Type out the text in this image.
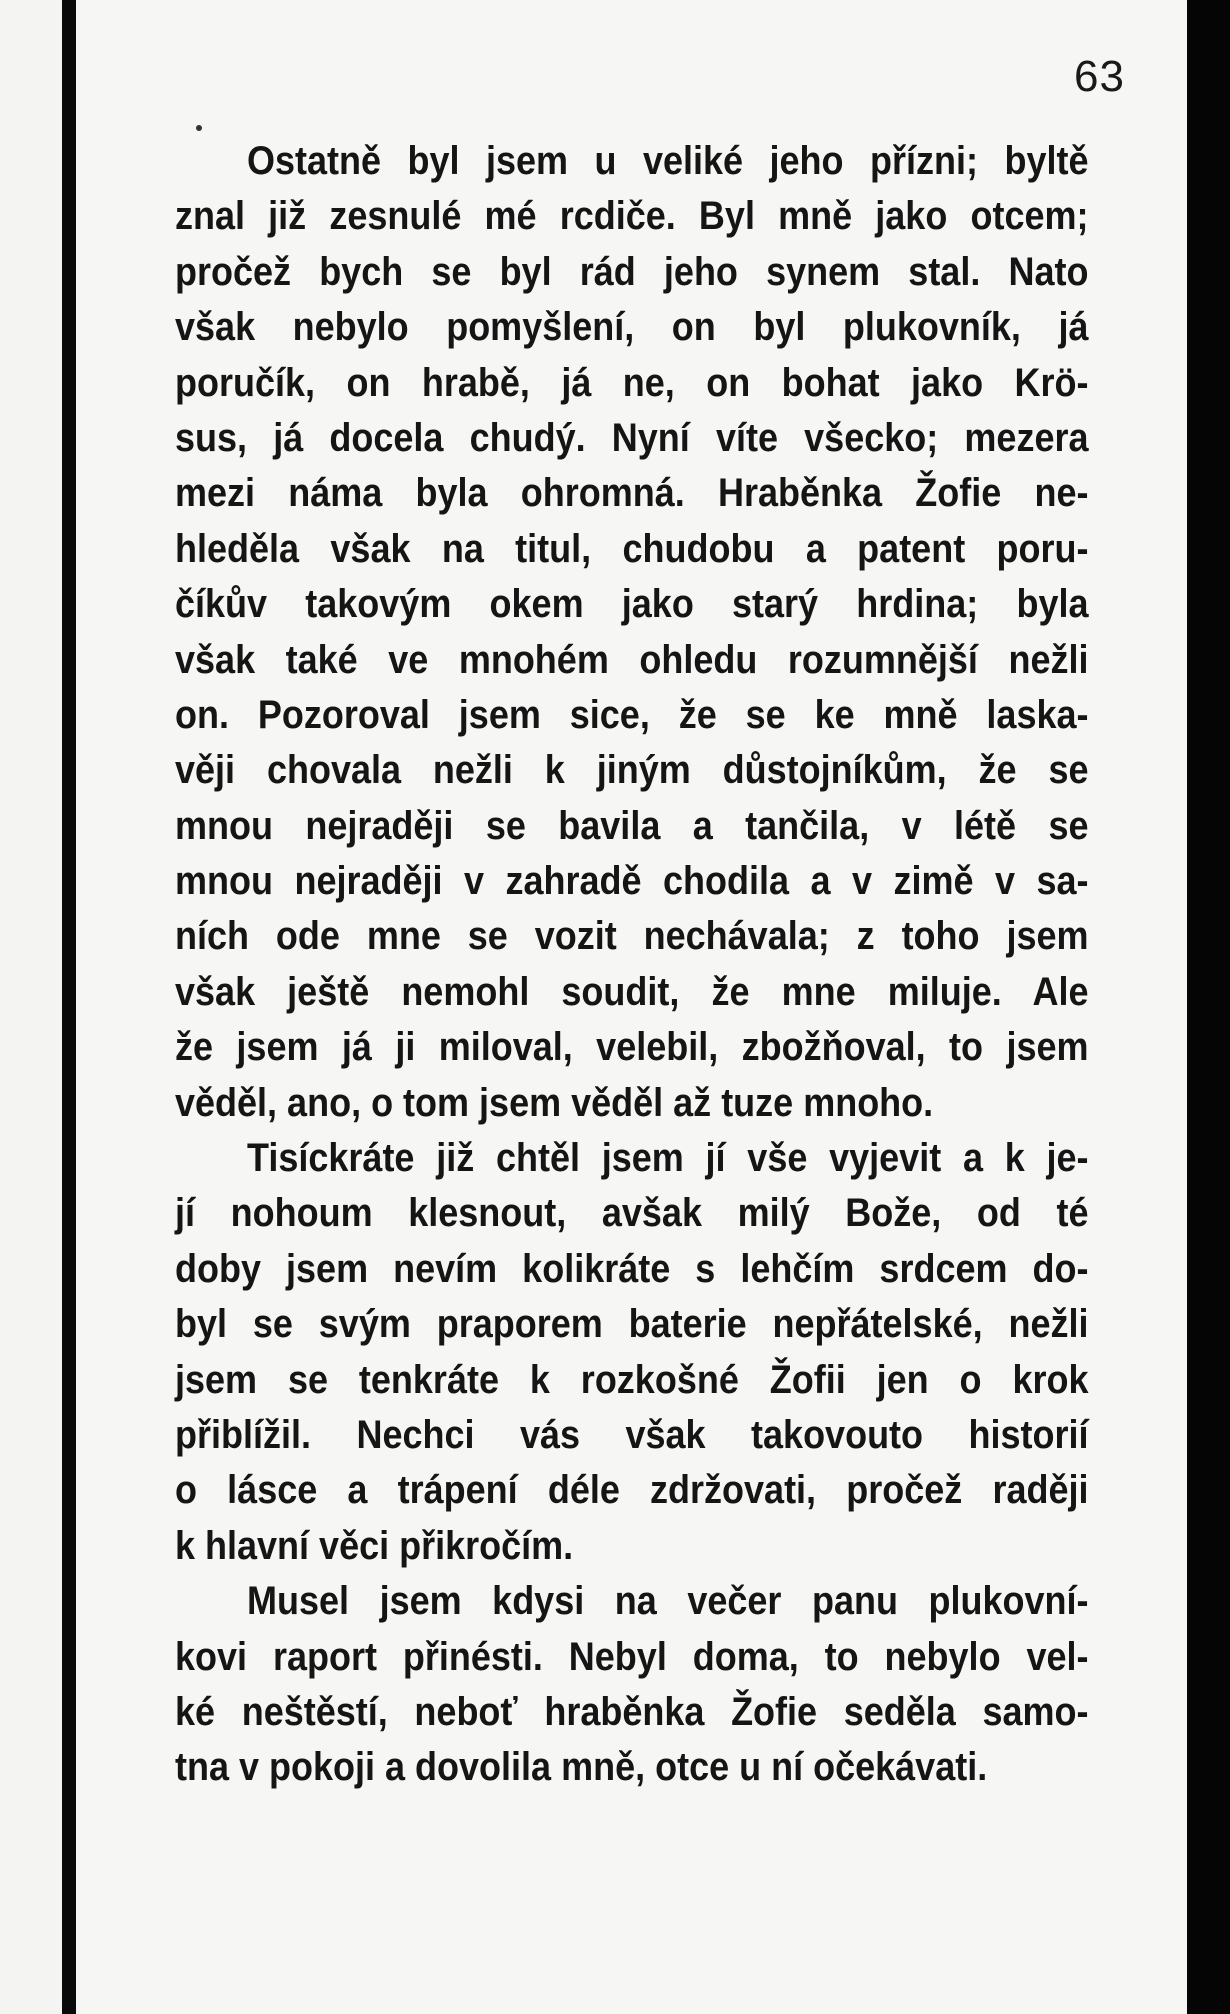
63
Ostatně byl jsem u veliké jeho přízni; byltě
znal již zesnulé mé rcdiče. Byl mně jako otcem;
pročež bych se byl rád jeho synem stal. Nato
však nebylo pomyšlení, on byl plukovník, já
poručík, on hrabě, já ne, on bohat jako Krö-
sus, já docela chudý. Nyní víte všecko; mezera
mezi náma byla ohromná. Hraběnka Žofie ne-
hleděla však na titul, chudobu a patent poru-
číkův takovým okem jako starý hrdina; byla
však také ve mnohém ohledu rozumnější nežli
on. Pozoroval jsem sice, že se ke mně laska-
věji chovala nežli k jiným důstojníkům, že se
mnou nejraději se bavila a tančila, v létě se
mnou nejraději v zahradě chodila a v zimě v sa-
ních ode mne se vozit nechávala; z toho jsem
však ještě nemohl soudit, že mne miluje. Ale
že jsem já ji miloval, velebil, zbožňoval, to jsem
věděl, ano, o tom jsem věděl až tuze mnoho.
Tisíckráte již chtěl jsem jí vše vyjevit a k je-
jí nohoum klesnout, avšak milý Bože, od té
doby jsem nevím kolikráte s lehčím srdcem do-
byl se svým praporem baterie nepřátelské, nežli
jsem se tenkráte k rozkošné Žofii jen o krok
přiblížil. Nechci vás však takovouto historií
o lásce a trápení déle zdržovati, pročež raději
k hlavní věci přikročím.
Musel jsem kdysi na večer panu plukovní-
kovi raport přinésti. Nebyl doma, to nebylo vel-
ké neštěstí, neboť hraběnka Žofie seděla samo-
tna v pokoji a dovolila mně, otce u ní očekávati.
